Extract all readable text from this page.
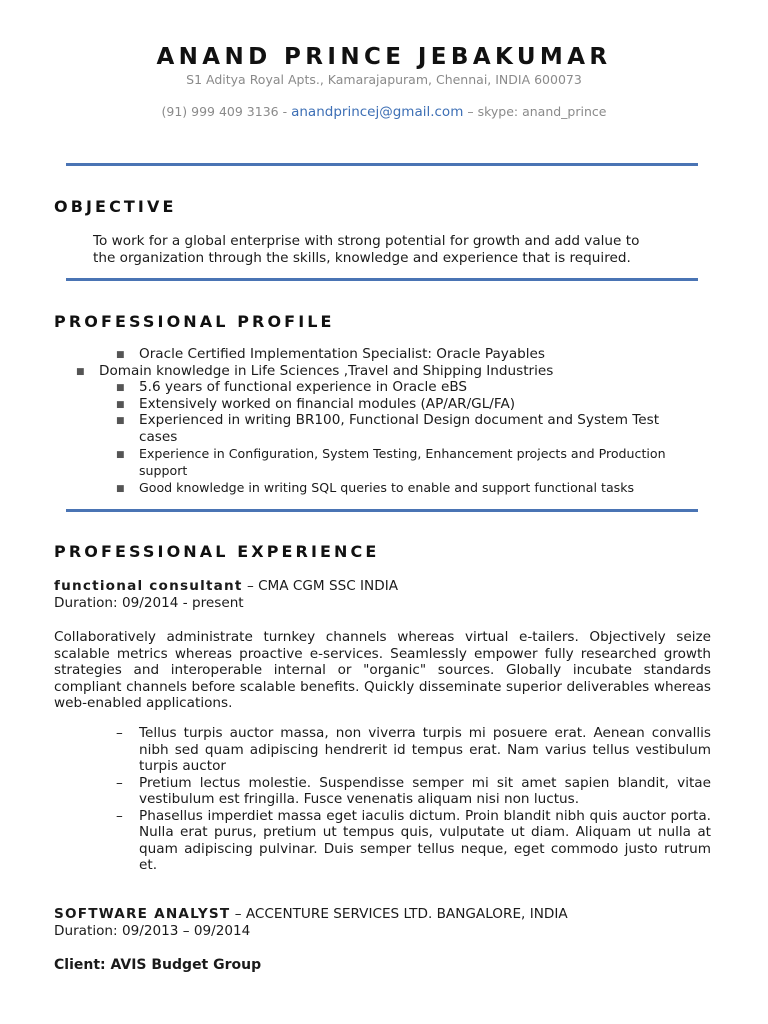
ANAND PRINCE JEBAKUMAR
S1 Aditya Royal Apts., Kamarajapuram, Chennai, INDIA 600073
(91) 999 409 3136 - anandprincej@gmail.com – skype: anand_prince
OBJECTIVE
To work for a global enterprise with strong potential for growth and add value to
the organization through the skills, knowledge and experience that is required.
PROFESSIONAL PROFILE
■ Oracle Certified Implementation Specialist: Oracle Payables
■ Domain knowledge in Life Sciences ,Travel and Shipping Industries
■ 5.6 years of functional experience in Oracle eBS
■ Extensively worked on financial modules (AP/AR/GL/FA)
■ Experienced in writing BR100, Functional Design document and System Test cases
■ Experience in Configuration, System Testing, Enhancement projects and Production support
■ Good knowledge in writing SQL queries to enable and support functional tasks
PROFESSIONAL EXPERIENCE
functional consultant – CMA CGM SSC INDIA
Duration: 09/2014 - present
Collaboratively administrate turnkey channels whereas virtual e-tailers. Objectively seize scalable metrics whereas proactive e-services. Seamlessly empower fully researched growth strategies and interoperable internal or "organic" sources. Globally incubate standards compliant channels before scalable benefits. Quickly disseminate superior deliverables whereas web-enabled applications.
– Tellus turpis auctor massa, non viverra turpis mi posuere erat. Aenean convallis nibh sed quam adipiscing hendrerit id tempus erat. Nam varius tellus vestibulum turpis auctor
– Pretium lectus molestie. Suspendisse semper mi sit amet sapien blandit, vitae vestibulum est fringilla. Fusce venenatis aliquam nisi non luctus.
– Phasellus imperdiet massa eget iaculis dictum. Proin blandit nibh quis auctor porta. Nulla erat purus, pretium ut tempus quis, vulputate ut diam. Aliquam ut nulla at quam adipiscing pulvinar. Duis semper tellus neque, eget commodo justo rutrum et.
SOFTWARE ANALYST – ACCENTURE SERVICES LTD. BANGALORE, INDIA
Duration: 09/2013 – 09/2014
Client: AVIS Budget Group
